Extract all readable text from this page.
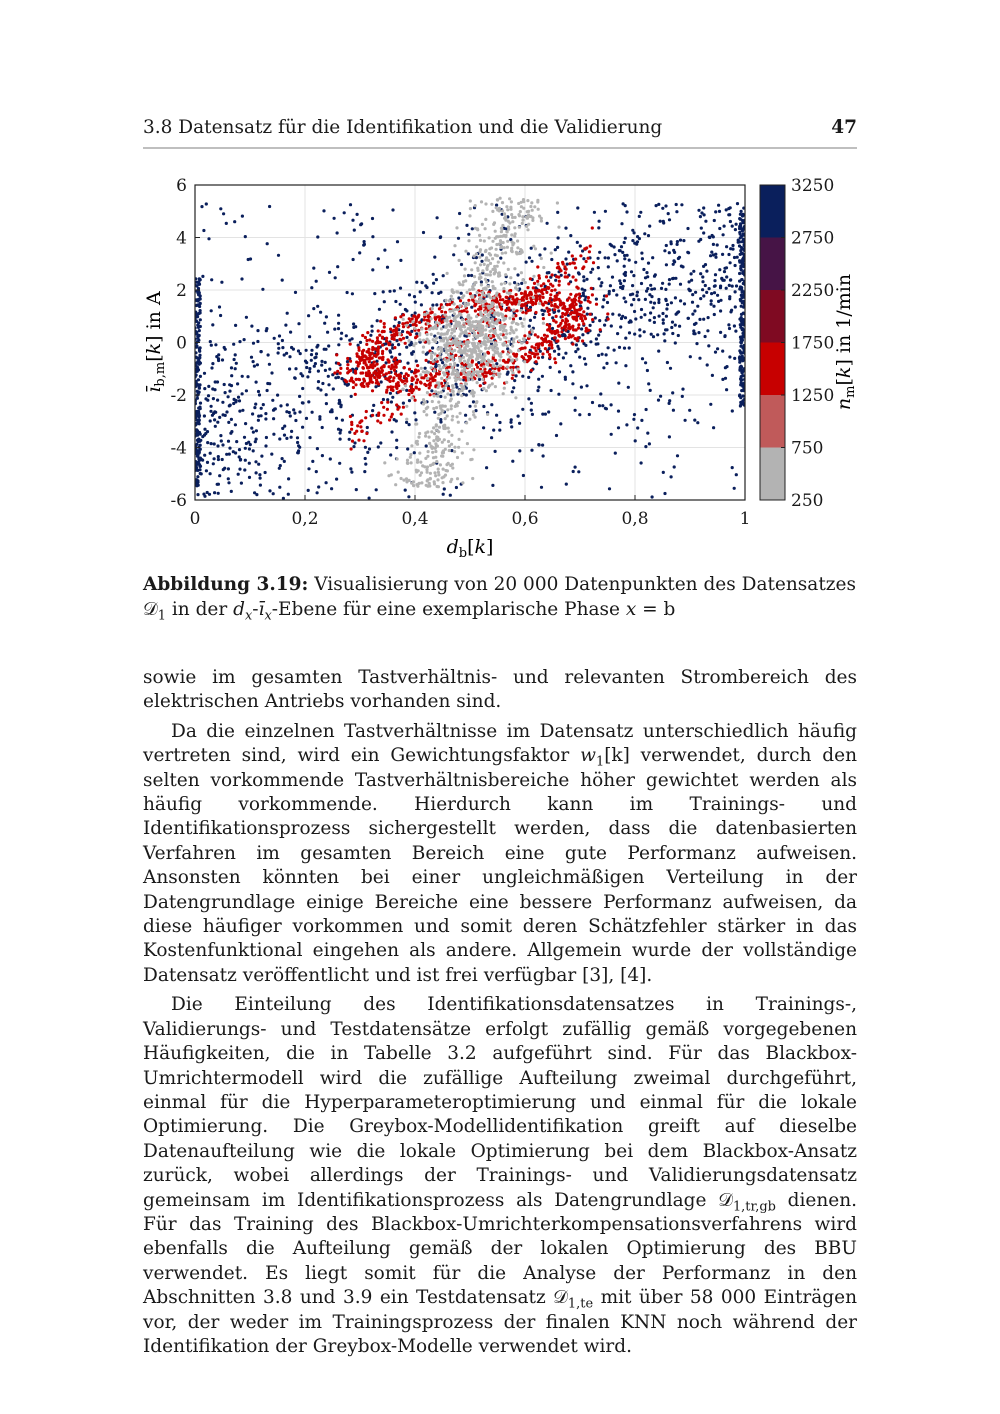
3.8 Datensatz für die Identifikation und die Validierung	47
0	0,2	0,4	0,6	0,8	1
6
4
2
0
-2
-4
-6
$d_b[k]$
$ī_{b,m}[k]$ in A
3250
2750
2250
1750
1250
750
250
$n_m[k]$ in 1/min
Abbildung 3.19: Visualisierung von 20 000 Datenpunkten des Datensatzes 𝒟$_1$ in der $d_x-ī_x$-Ebene für eine exemplarische Phase x = b

sowie im gesamten Tastverhältnis- und relevanten Strombereich des elektrischen Antriebs vorhanden sind.

Da die einzelnen Tastverhältnisse im Datensatz unterschiedlich häufig vertreten sind, wird ein Gewichtungsfaktor $w_1[k]$ verwendet, durch den selten vorkommende Tastverhältnisbereiche höher gewichtet werden als häufig vorkommende. Hierdurch kann im Trainings- und Identifikationsprozess sichergestellt werden, dass die datenbasierten Verfahren im gesamten Bereich eine gute Performanz aufweisen. Ansonsten könnten bei einer ungleichmäßigen Verteilung in der Datengrundlage einige Bereiche eine bessere Performanz aufweisen, da diese häufiger vorkommen und somit deren Schätzfehler stärker in das Kostenfunktional eingehen als andere. Allgemein wurde der vollständige Datensatz veröffentlicht und ist frei verfügbar [3], [4].

Die Einteilung des Identifikationsdatensatzes in Trainings-, Validierungs- und Testdatensätze erfolgt zufällig gemäß vorgegebenen Häufigkeiten, die in Tabelle 3.2 aufgeführt sind. Für das Blackbox-Umrichtermodell wird die zufällige Aufteilung zweimal durchgeführt, einmal für die Hyperparameteroptimierung und einmal für die lokale Optimierung. Die Greybox-Modellidentifikation greift auf dieselbe Datenaufteilung wie die lokale Optimierung bei dem Blackbox-Ansatz zurück, wobei allerdings der Trainings- und Validierungsdatensatz gemeinsam im Identifikationsprozess als Datengrundlage 𝒟$_{1,tr,gb}$ dienen. Für das Training des Blackbox-Umrichterkompensationsverfahrens wird ebenfalls die Aufteilung gemäß der lokalen Optimierung des BBU verwendet. Es liegt somit für die Analyse der Performanz in den Abschnitten 3.8 und 3.9 ein Testdatensatz 𝒟$_{1,te}$ mit über 58 000 Einträgen vor, der weder im Trainingsprozess der finalen KNN noch während der Identifikation der Greybox-Modelle verwendet wird.
